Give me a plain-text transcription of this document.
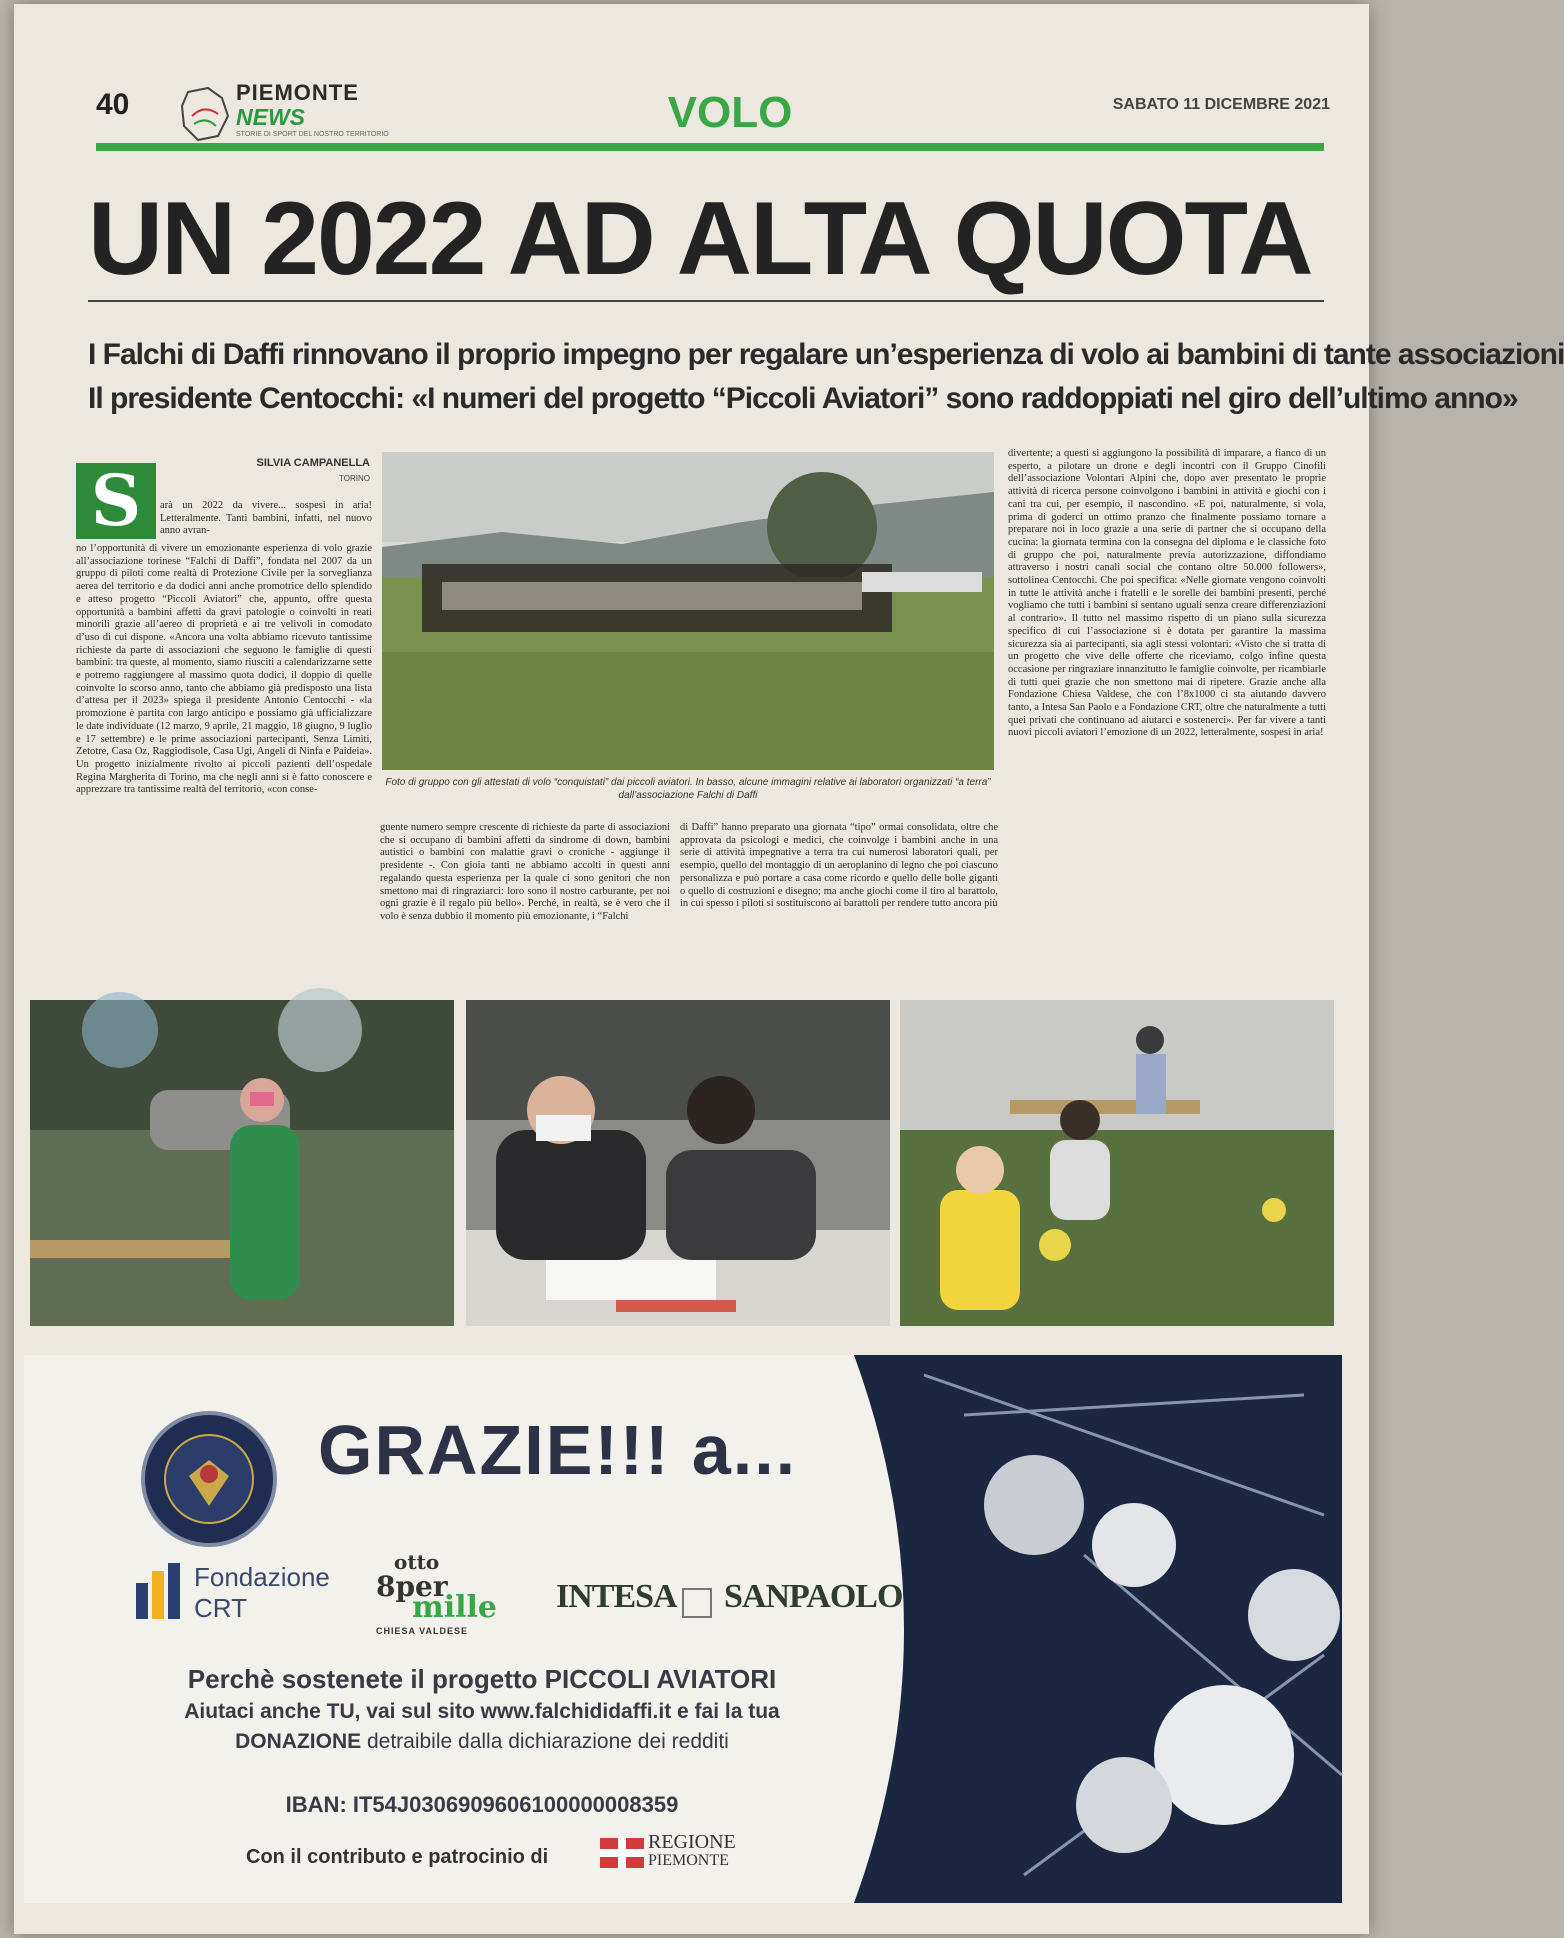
40	PIEMONTE
NEWS
STORIE DI SPORT DEL NOSTRO TERRITORIO	VOLO	SABATO 11 DICEMBRE 2021
UN 2022 AD ALTA QUOTA
I Falchi di Daffi rinnovano il proprio impegno per regalare un’esperienza di volo ai bambini di tante associazioni
Il presidente Centocchi: «I numeri del progetto “Piccoli Aviatori” sono raddoppiati nel giro dell’ultimo anno»
SILVIA CAMPANELLA
TORINO
S	arà un 2022 da vivere... sospesi in aria! Letteralmente. Tanti bambini, infatti, nel nuovo anno avran-
no l’opportunità di vivere un emozionante esperienza di volo grazie all’associazione torinese “Falchi di Daffi”, fondata nel 2007 da un gruppo di piloti come realtà di Protezione Civile per la sorveglianza aerea del territorio e da dodici anni anche promotrice dello splendido e atteso progetto “Piccoli Aviatori” che, appunto, offre questa opportunità a bambini affetti da gravi patologie o coinvolti in reati minorili grazie all’aereo di proprietà e ai tre velivoli in comodato d’uso di cui dispone. «Ancora una volta abbiamo ricevuto tantissime richieste da parte di associazioni che seguono le famiglie di questi bambini: tra queste, al momento, siamo riusciti a calendarizzarne sette e potremo raggiungere al massimo quota dodici, il doppio di quelle coinvolte lo scorso anno, tanto che abbiamo già predisposto una lista d’attesa per il 2023» spiega il presidente Antonio Centocchi - «la promozione è partita con largo anticipo e possiamo già ufficializzare le date individuate (12 marzo, 9 aprile, 21 maggio, 18 giugno, 9 luglio e 17 settembre) e le prime associazioni partecipanti, Senza Limiti, Zetotre, Casa Oz, Raggiodisole, Casa Ugi, Angeli di Ninfa e Paideia». Un progetto inizialmente rivolto ai piccoli pazienti dell’ospedale Regina Margherita di Torino, ma che negli anni si è fatto conoscere e apprezzare tra tantissime realtà del territorio, «con conse-
Foto di gruppo con gli attestati di volo “conquistati” dai piccoli aviatori. In basso, alcune immagini relative ai laboratori organizzati “a terra” dall’associazione Falchi di Daffi
guente numero sempre crescente di richieste da parte di associazioni che si occupano di bambini affetti da sindrome di down, bambini autistici o bambini con malattie gravi o croniche - aggiunge il presidente -. Con gioia tanti ne abbiamo accolti in questi anni regalando questa esperienza per la quale ci sono genitori che non smettono mai di ringraziarci: loro sono il nostro carburante, per noi ogni grazie è il regalo più bello». Perché, in realtà, se è vero che il volo è senza dubbio il momento più emozionante, i “Falchi
di Daffi” hanno preparato una giornata “tipo” ormai consolidata, oltre che approvata da psicologi e medici, che coinvolge i bambini anche in una serie di attività impegnative a terra tra cui numerosi laboratori quali, per esempio, quello del montaggio di un aeroplanino di legno che poi ciascuno personalizza e può portare a casa come ricordo e quello delle bolle giganti o quello di costruzioni e disegno; ma anche giochi come il tiro al barattolo, in cui spesso i piloti si sostituiscono ai barattoli per rendere tutto ancora più
divertente; a questi si aggiungono la possibilità di imparare, a fianco di un esperto, a pilotare un drone e degli incontri con il Gruppo Cinofili dell’associazione Volontari Alpini che, dopo aver presentato le proprie attività di ricerca persone coinvolgono i bambini in attività e giochi con i cani tra cui, per esempio, il nascondino. «E poi, naturalmente, si vola, prima di goderci un ottimo pranzo che finalmente possiamo tornare a preparare noi in loco grazie a una serie di partner che si occupano della cucina: la giornata termina con la consegna del diploma e le classiche foto di gruppo che poi, naturalmente previa autorizzazione, diffondiamo attraverso i nostri canali social che contano oltre 50.000 followers», sottolinea Centocchi. Che poi specifica: «Nelle giornate vengono coinvolti in tutte le attività anche i fratelli e le sorelle dei bambini presenti, perché vogliamo che tutti i bambini si sentano uguali senza creare differenziazioni al contrario». Il tutto nel massimo rispetto di un piano sulla sicurezza specifico di cui l’associazione si è dotata per garantire la massima sicurezza sia ai partecipanti, sia agli stessi volontari: «Visto che si tratta di un progetto che vive delle offerte che riceviamo, colgo infine questa occasione per ringraziare innanzitutto le famiglie coinvolte, per ricambiarle di tutti quei grazie che non smettono mai di ripetere. Grazie anche alla Fondazione Chiesa Valdese, che con l’8x1000 ci sta aiutando davvero tanto, a Intesa San Paolo e a Fondazione CRT, oltre che naturalmente a tutti quei privati che continuano ad aiutarci e sostenerci». Per far vivere a tanti nuovi piccoli aviatori l’emozione di un 2022, letteralmente, sospesi in aria!
GRAZIE!!! a...
Fondazione
CRT
otto
8per
mille
CHIESA VALDESE
INTESA SANPAOLO
Perchè sostenete il progetto PICCOLI AVIATORI
Aiutaci anche TU, vai sul sito www.falchididaffi.it e fai la tua
DONAZIONE detraibile dalla dichiarazione dei redditi
IBAN: IT54J0306909606100000008359
Con il contributo e patrocinio di
REGIONE
PIEMONTE
